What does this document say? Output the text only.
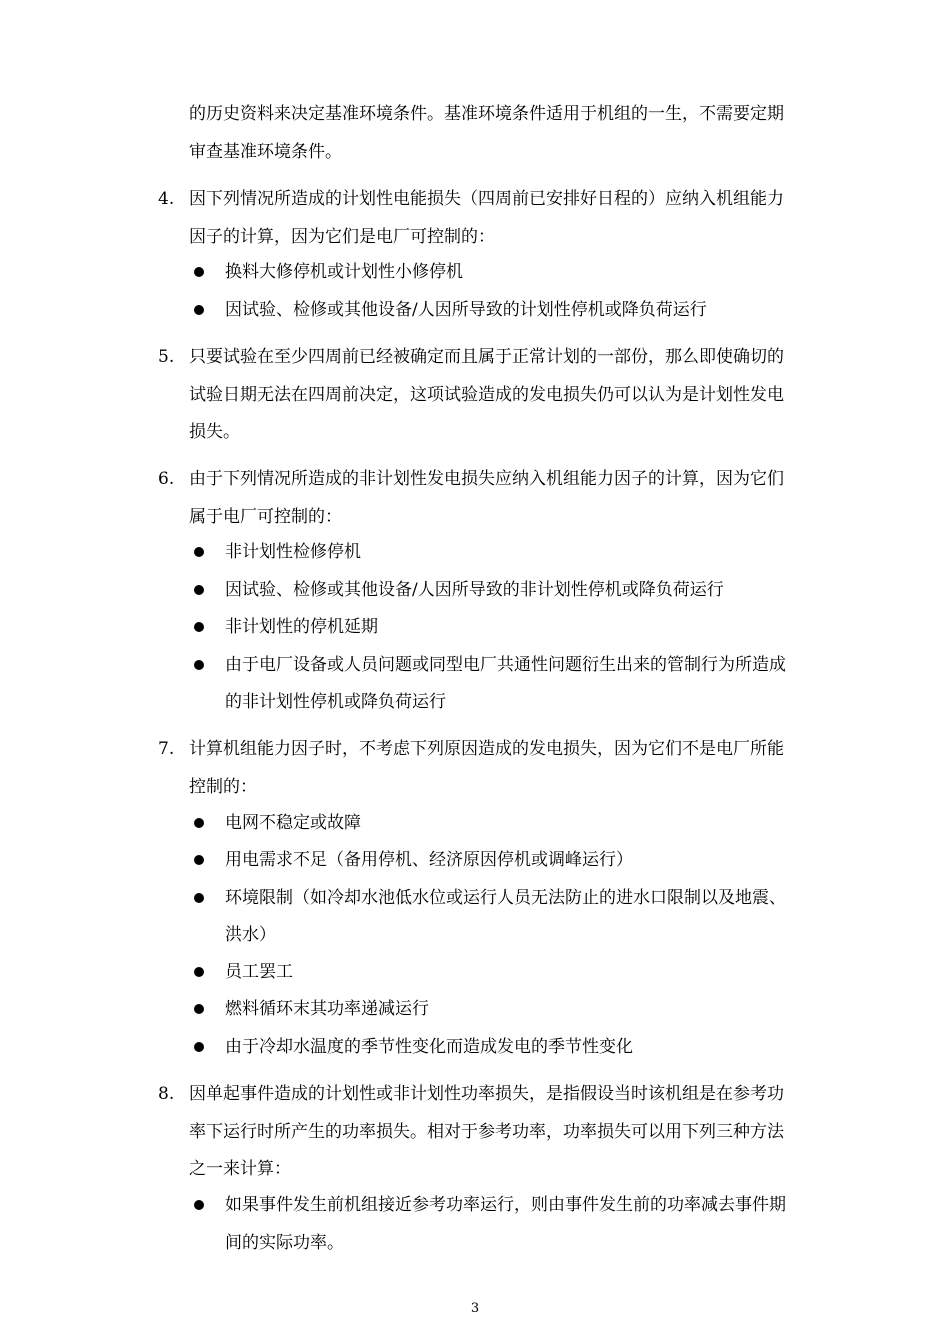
的历史资料来决定基准环境条件。基准环境条件适用于机组的一生，不需要定期
审查基准环境条件。
4. 因下列情况所造成的计划性电能损失（四周前已安排好日程的）应纳入机组能力
因子的计算，因为它们是电厂可控制的：
换料大修停机或计划性小修停机
因试验、检修或其他设备/人因所导致的计划性停机或降负荷运行
5. 只要试验在至少四周前已经被确定而且属于正常计划的一部份，那么即使确切的
试验日期无法在四周前决定，这项试验造成的发电损失仍可以认为是计划性发电
损失。
6. 由于下列情况所造成的非计划性发电损失应纳入机组能力因子的计算，因为它们
属于电厂可控制的：
非计划性检修停机
因试验、检修或其他设备/人因所导致的非计划性停机或降负荷运行
非计划性的停机延期
由于电厂设备或人员问题或同型电厂共通性问题衍生出来的管制行为所造成
的非计划性停机或降负荷运行
7. 计算机组能力因子时，不考虑下列原因造成的发电损失，因为它们不是电厂所能
控制的：
电网不稳定或故障
用电需求不足（备用停机、经济原因停机或调峰运行）
环境限制（如冷却水池低水位或运行人员无法防止的进水口限制以及地震、
洪水）
员工罢工
燃料循环末其功率递减运行
由于冷却水温度的季节性变化而造成发电的季节性变化
8. 因单起事件造成的计划性或非计划性功率损失，是指假设当时该机组是在参考功
率下运行时所产生的功率损失。相对于参考功率，功率损失可以用下列三种方法
之一来计算：
如果事件发生前机组接近参考功率运行，则由事件发生前的功率减去事件期
间的实际功率。
3
